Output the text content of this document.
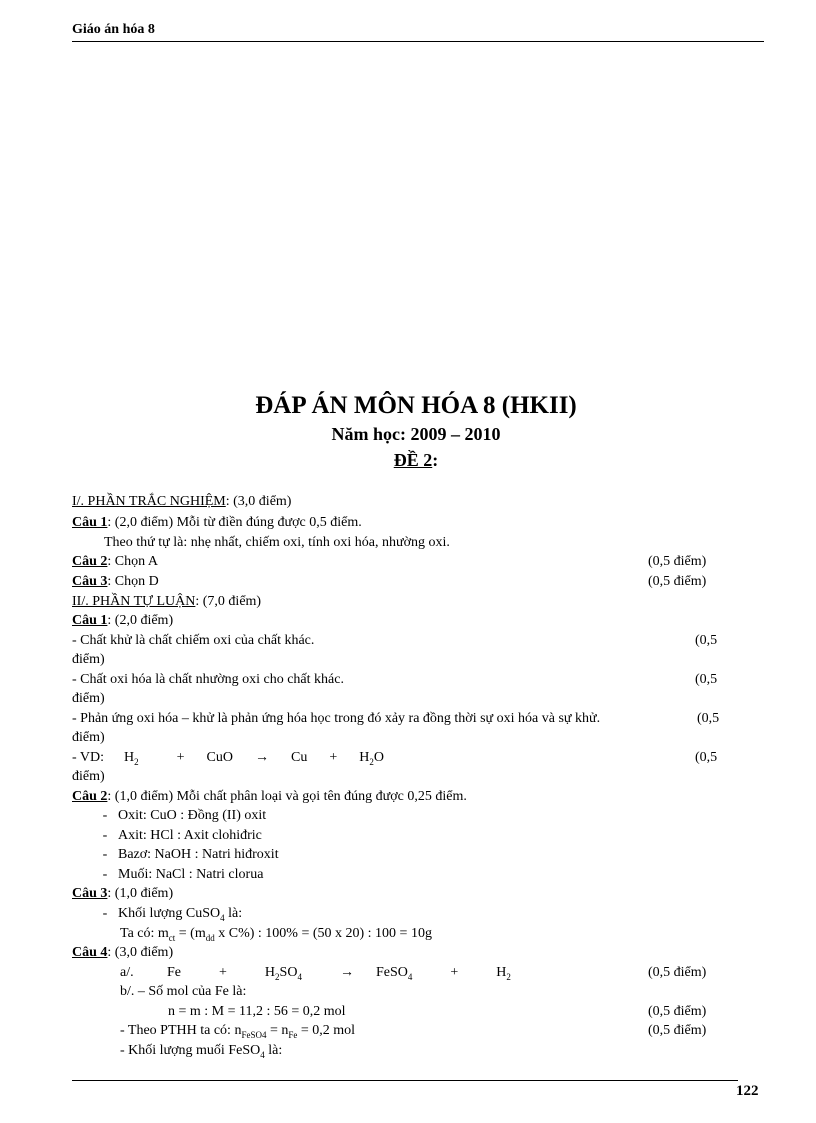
Giáo án hóa 8
ĐÁP ÁN MÔN HÓA 8 (HKII)
Năm học: 2009 – 2010
ĐỀ 2:
I/. PHẦN TRẮC NGHIỆM: (3,0 điểm)
Câu 1: (2,0 điểm) Mỗi từ điền đúng được 0,5 điểm.
Theo thứ tự là: nhẹ nhất, chiếm oxi, tính oxi hóa, nhường oxi.
Câu 2: Chọn A	(0,5 điểm)
Câu 3: Chọn D	(0,5 điểm)
II/. PHẦN TỰ LUẬN: (7,0 điểm)
Câu 1: (2,0 điểm)
- Chất khử là chất chiếm oxi của chất khác.	(0,5
điểm)
- Chất oxi hóa là chất nhường oxi cho chất khác.	(0,5
điểm)
- Phản ứng oxi hóa – khử là phản ứng hóa học trong đó xảy ra đồng thời sự oxi hóa và sự khử.	(0,5
điểm)
- VD: $H_2$	+ CuO → $Cu + H_2O$	(0,5
điểm)
Câu 2: (1,0 điểm) Mỗi chất phân loại và gọi tên đúng được 0,25 điểm.
- Oxit: CuO : Đồng (II) oxit
- Axit: HCl : Axit clohiđric
- Bazơ: NaOH : Natri hiđroxit
- Muối: NaCl : Natri clorua
Câu 3: (1,0 điểm)
- Khối lượng CuSO$_4$ là:
Ta có: $m_{ct} = (m_{dd}$ x C%) : 100% = (50 x 20) : 100 = 10g
Câu 4: (3,0 điểm)
a/. Fe	+	$H_2SO_4$	→ FeSO$_4$	+	$H_2$	(0,5 điểm)
b/. – Số mol của Fe là:
n = m : M = 11,2 : 56 = 0,2 mol	(0,5 điểm)
- Theo PTHH ta có: $n_{FeSO4} = n_{Fe} = 0,2$ mol	(0,5 điểm)
- Khối lượng muối FeSO$_4$ là:
122
